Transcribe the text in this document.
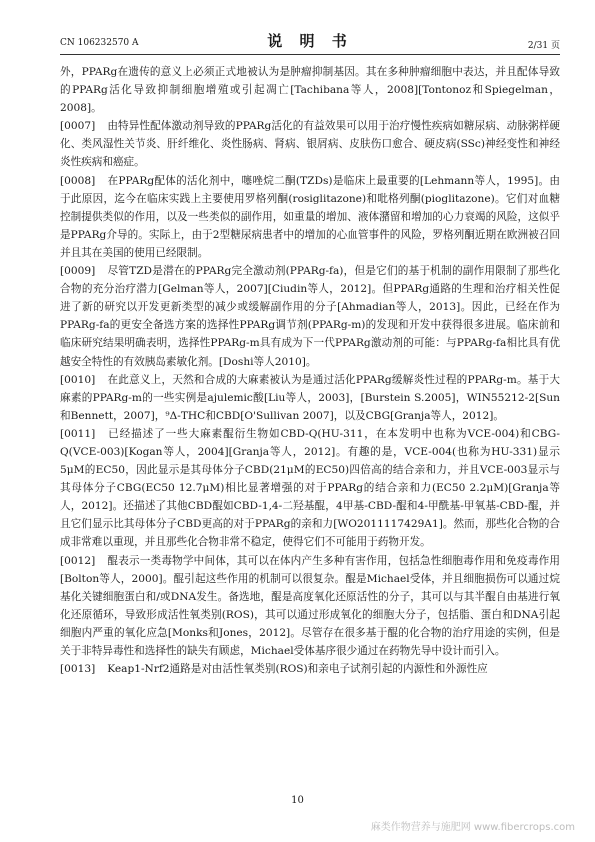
CN 106232570 A	说 明 书	2/31 页

外，PPARg在遗传的意义上必须正式地被认为是肿瘤抑制基因。其在多种肿瘤细胞中表达，并且配体导致的PPARg活化导致抑制细胞增殖或引起凋亡[Tachibana等人，2008][Tontonoz和Spiegelman，2008]。

[0007] 由特异性配体激动剂导致的PPARg活化的有益效果可以用于治疗慢性疾病如糖尿病、动脉粥样硬化、类风湿性关节炎、肝纤维化、炎性肠病、肾病、银屑病、皮肤伤口愈合、硬皮病(SSc)神经变性和神经炎性疾病和癌症。

[0008] 在PPARg配体的活化剂中，噻唑烷二酮(TZDs)是临床上最重要的[Lehmann等人，1995]。由于此原因，迄今在临床实践上主要使用罗格列酮(rosiglitazone)和吡格列酮(pioglitazone)。它们对血糖控制提供类似的作用，以及一些类似的副作用，如重量的增加、液体潴留和增加的心力衰竭的风险，这似乎是PPARg介导的。实际上，由于2型糖尿病患者中的增加的心血管事件的风险，罗格列酮近期在欧洲被召回并且其在美国的使用已经限制。

[0009] 尽管TZD是潜在的PPARg完全激动剂(PPARg-fa)，但是它们的基于机制的副作用限制了那些化合物的充分治疗潜力[Gelman等人，2007][Ciudin等人，2012]。但PPARg通路的生理和治疗相关性促进了新的研究以开发更新类型的减少或缓解副作用的分子[Ahmadian等人，2013]。因此，已经在作为PPARg-fa的更安全备选方案的选择性PPARg调节剂(PPARg-m)的发现和开发中获得很多进展。临床前和临床研究结果明确表明，选择性PPARg-m具有成为下一代PPARg激动剂的可能：与PPARg-fa相比具有优越安全特性的有效胰岛素敏化剂。[Doshi等人2010]。

[0010] 在此意义上，天然和合成的大麻素被认为是通过活化PPARg缓解炎性过程的PPARg-m。基于大麻素的PPARg-m的一些实例是ajulemic酸[Liu等人，2003]，[Burstein S.2005]，WIN55212-2[Sun和Bennett，2007]，⁹Δ-THC和CBD[O'Sullivan 2007]，以及CBG[Granja等人，2012]。

[0011] 已经描述了一些大麻素醌衍生物如CBD-Q(HU-311，在本发明中也称为VCE-004)和CBG-Q(VCE-003)[Kogan等人，2004][Granja等人，2012]。有趣的是，VCE-004(也称为HU-331)显示5μM的EC50，因此显示是其母体分子CBD(21μM的EC50)四倍高的结合亲和力，并且VCE-003显示与其母体分子CBG(EC50 12.7μM)相比显著增强的对于PPARg的结合亲和力(EC50 2.2μM)[Granja等人，2012]。还描述了其他CBD醌如CBD-1,4-二羟基醌，4甲基-CBD-醌和4-甲酰基-甲氧基-CBD-醌，并且它们显示比其母体分子CBD更高的对于PPARg的亲和力[WO2011117429A1]。然而，那些化合物的合成非常难以重现，并且那些化合物非常不稳定，使得它们不可能用于药物开发。

[0012] 醌表示一类毒物学中间体，其可以在体内产生多种有害作用，包括急性细胞毒作用和免疫毒作用[Bolton等人，2000]。醌引起这些作用的机制可以很复杂。醌是Michael受体，并且细胞损伤可以通过烷基化关键细胞蛋白和/或DNA发生。备选地，醌是高度氧化还原活性的分子，其可以与其半醌自由基进行氧化还原循环，导致形成活性氧类别(ROS)，其可以通过形成氧化的细胞大分子，包括脂、蛋白和DNA引起细胞内严重的氧化应急[Monks和Jones，2012]。尽管存在很多基于醌的化合物的治疗用途的实例，但是关于非特异毒性和选择性的缺失有顾虑，Michael受体基序很少通过在药物先导中设计而引入。

[0013] Keap1-Nrf2通路是对由活性氧类别(ROS)和亲电子试剂引起的内源性和外源性应

10
麻类作物营养与施肥网 www.fibercrops.com
